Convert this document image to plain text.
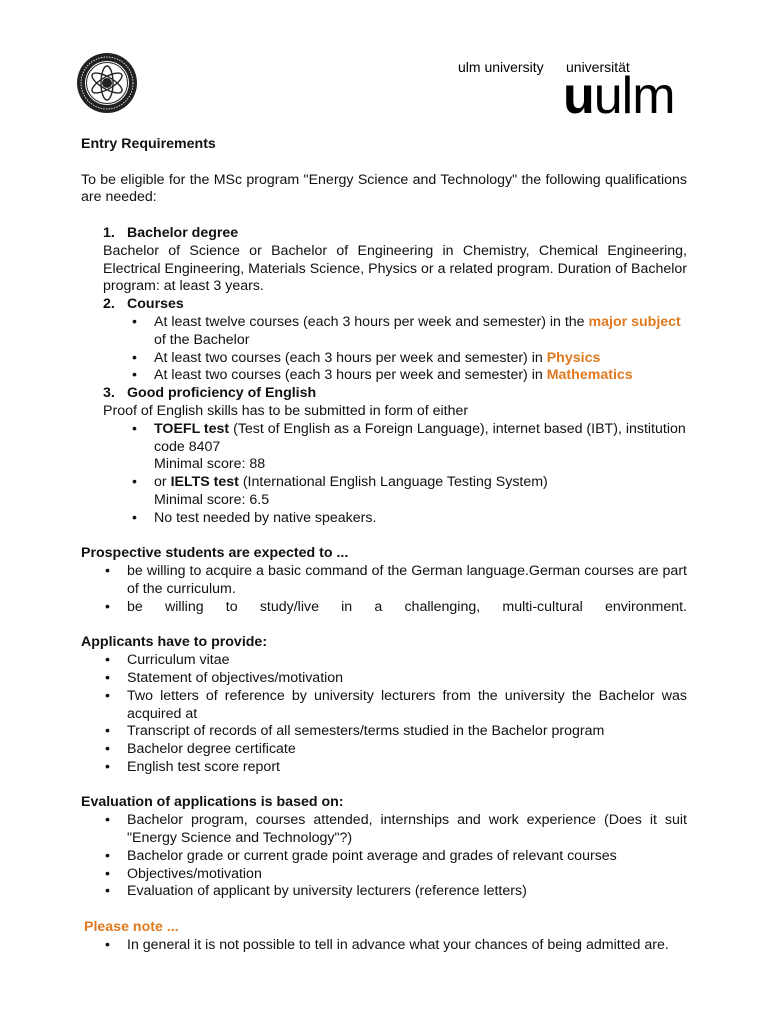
ulm university universität
uulm

Entry Requirements

To be eligible for the MSc program "Energy Science and Technology" the following qualifications are needed:

1. Bachelor degree
Bachelor of Science or Bachelor of Engineering in Chemistry, Chemical Engineering, Electrical Engineering, Materials Science, Physics or a related program. Duration of Bachelor program: at least 3 years.
2. Courses
• At least twelve courses (each 3 hours per week and semester) in the major subject of the Bachelor
• At least two courses (each 3 hours per week and semester) in Physics
• At least two courses (each 3 hours per week and semester) in Mathematics
3. Good proficiency of English
Proof of English skills has to be submitted in form of either
• TOEFL test (Test of English as a Foreign Language), internet based (IBT), institution code 8407
Minimal score: 88
• or IELTS test (International English Language Testing System)
Minimal score: 6.5
• No test needed by native speakers.

Prospective students are expected to ...

• be willing to acquire a basic command of the German language.German courses are part of the curriculum.
• be willing to study/live in a challenging, multi-cultural environment.

Applicants have to provide:

• Curriculum vitae
• Statement of objectives/motivation
• Two letters of reference by university lecturers from the university the Bachelor was acquired at
• Transcript of records of all semesters/terms studied in the Bachelor program
• Bachelor degree certificate
• English test score report

Evaluation of applications is based on:

• Bachelor program, courses attended, internships and work experience (Does it suit "Energy Science and Technology"?)
• Bachelor grade or current grade point average and grades of relevant courses
• Objectives/motivation
• Evaluation of applicant by university lecturers (reference letters)

Please note ...

• In general it is not possible to tell in advance what your chances of being admitted are.
